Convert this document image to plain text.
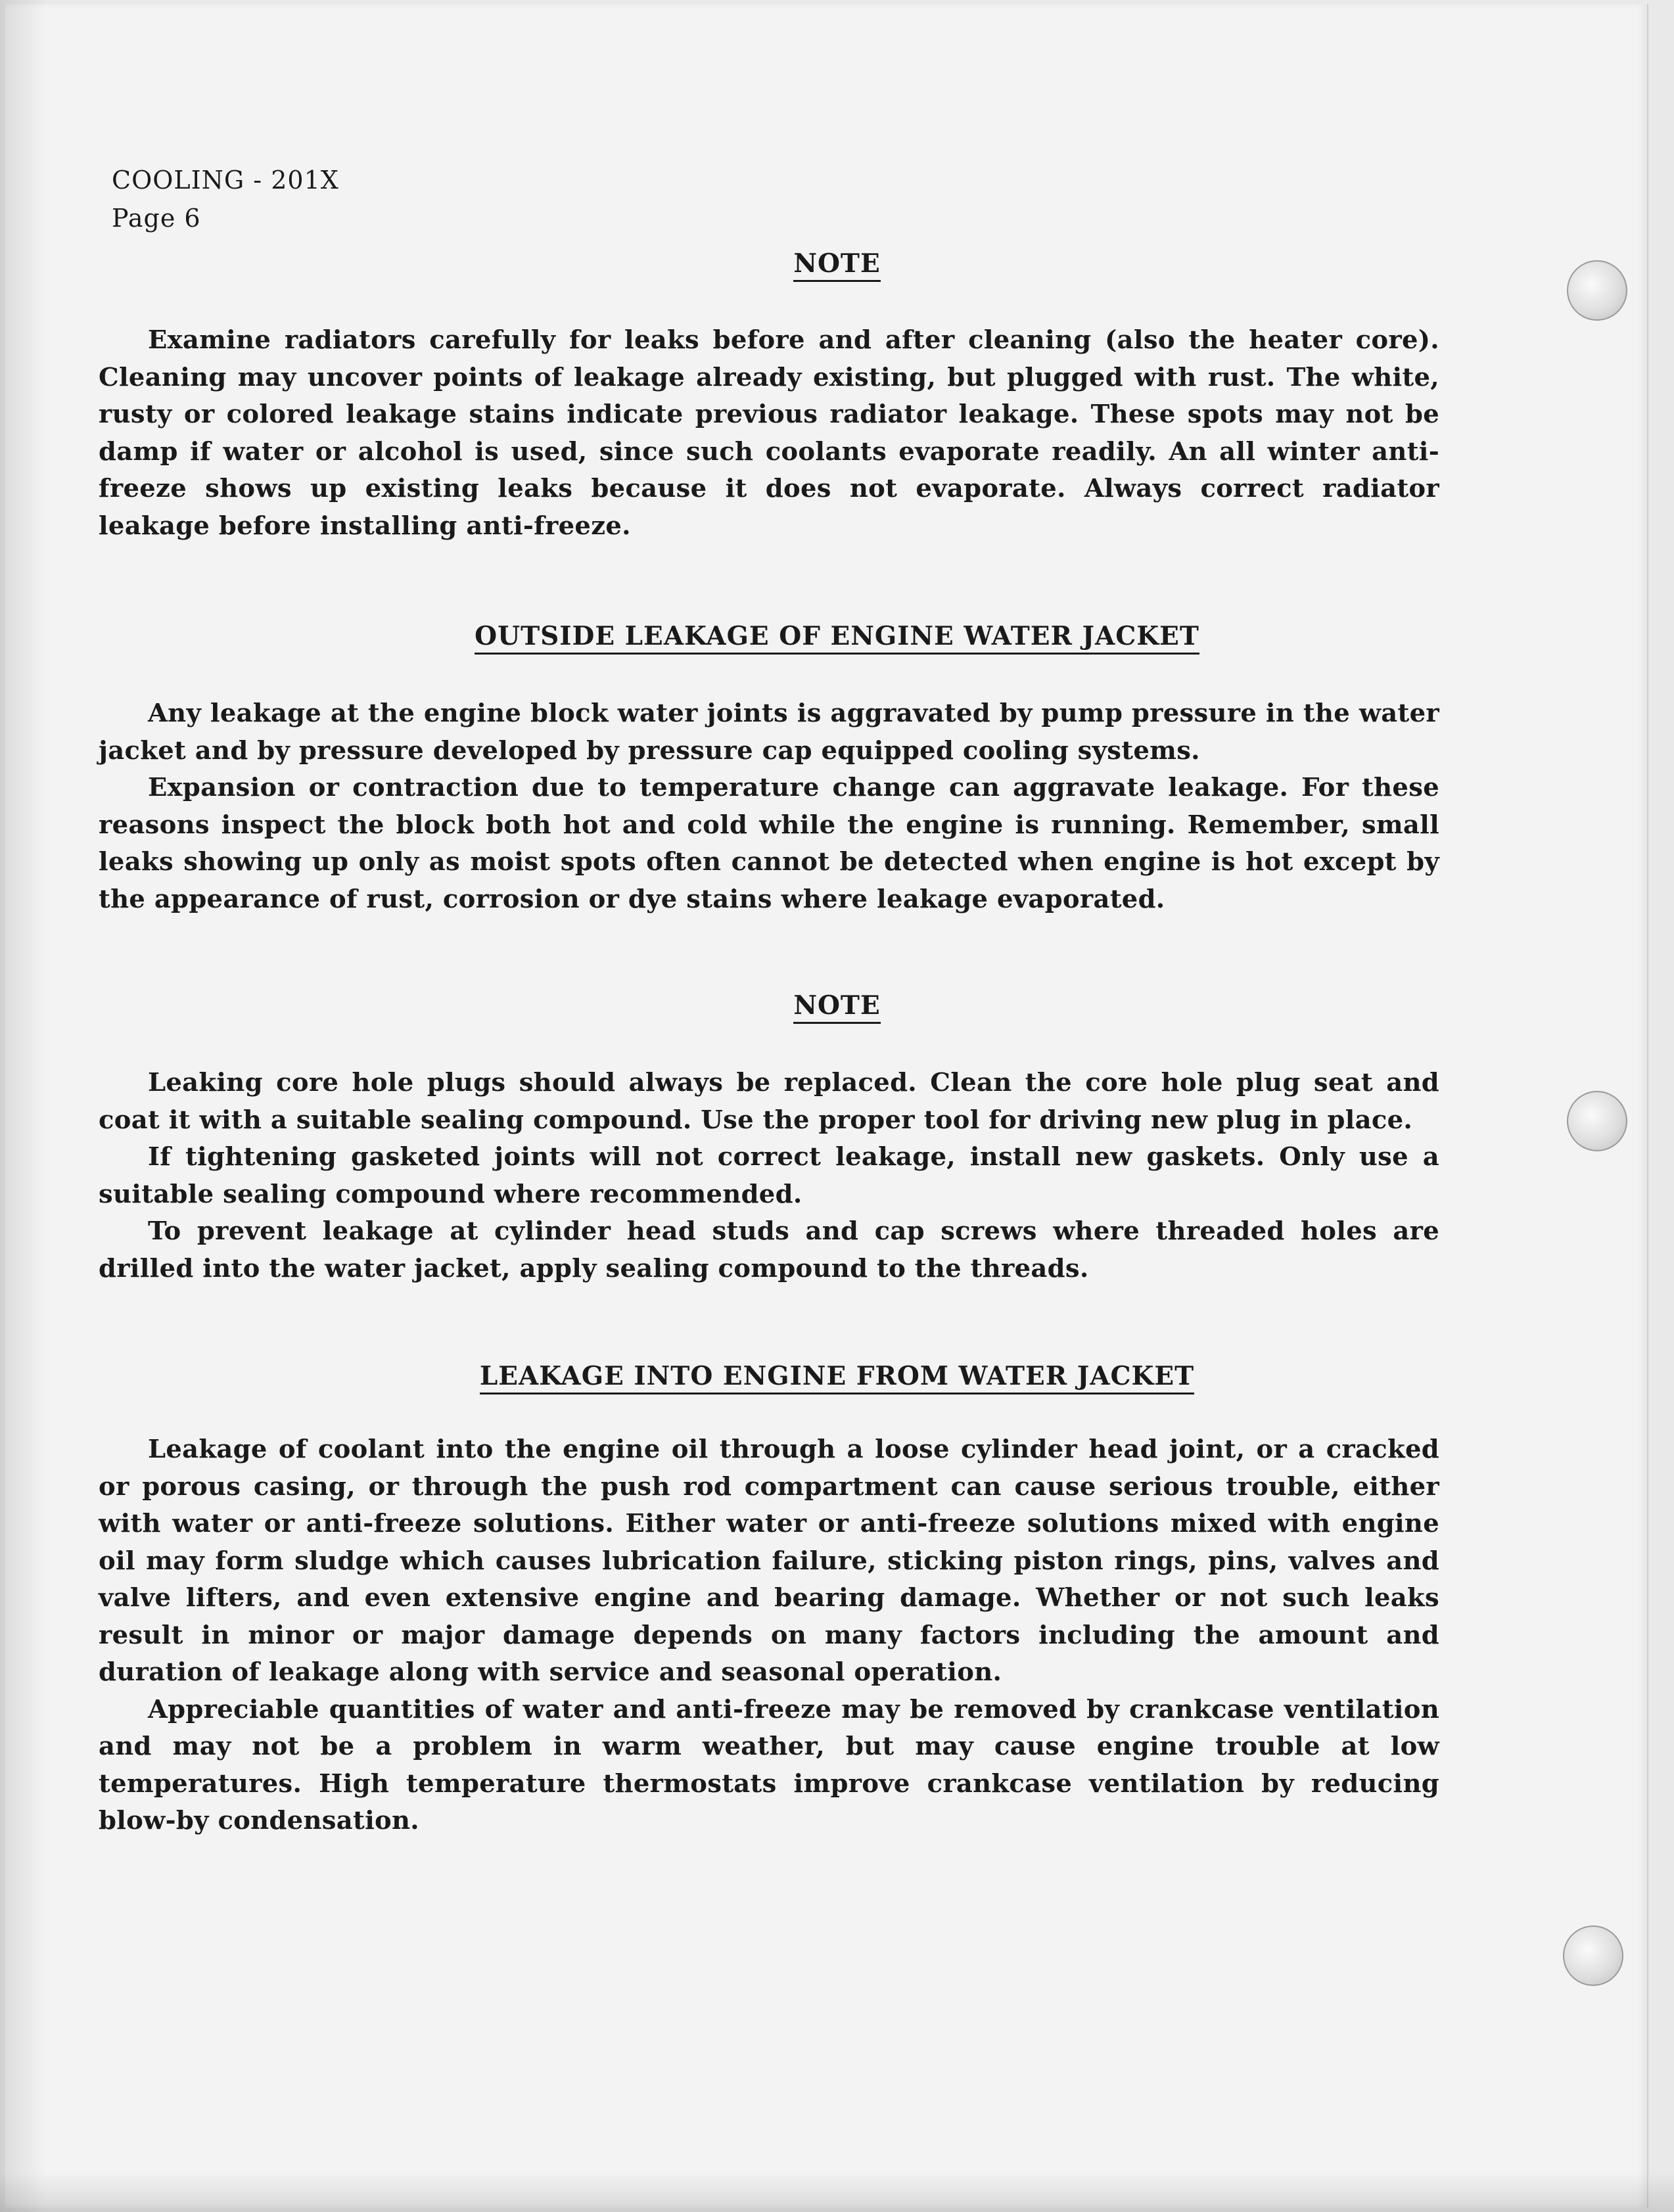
COOLING - 201X
Page 6
NOTE

Examine radiators carefully for leaks before and after cleaning (also the heater core). Cleaning may uncover points of leakage already existing, but plugged with rust. The white, rusty or colored leakage stains indicate previous radiator leakage. These spots may not be damp if water or alcohol is used, since such coolants evaporate readily. An all winter anti-freeze shows up existing leaks because it does not evaporate. Always correct radiator leakage before installing anti-freeze.

OUTSIDE LEAKAGE OF ENGINE WATER JACKET

Any leakage at the engine block water joints is aggravated by pump pressure in the water jacket and by pressure developed by pressure cap equipped cooling systems.

Expansion or contraction due to temperature change can aggravate leakage. For these reasons inspect the block both hot and cold while the engine is running. Remember, small leaks showing up only as moist spots often cannot be detected when engine is hot except by the appearance of rust, corrosion or dye stains where leakage evaporated.

NOTE

Leaking core hole plugs should always be replaced. Clean the core hole plug seat and coat it with a suitable sealing compound. Use the proper tool for driving new plug in place.

If tightening gasketed joints will not correct leakage, install new gaskets. Only use a suitable sealing compound where recommended.

To prevent leakage at cylinder head studs and cap screws where threaded holes are drilled into the water jacket, apply sealing compound to the threads.

LEAKAGE INTO ENGINE FROM WATER JACKET

Leakage of coolant into the engine oil through a loose cylinder head joint, or a cracked or porous casing, or through the push rod compartment can cause serious trouble, either with water or anti-freeze solutions. Either water or anti-freeze solutions mixed with engine oil may form sludge which causes lubrication failure, sticking piston rings, pins, valves and valve lifters, and even extensive engine and bearing damage. Whether or not such leaks result in minor or major damage depends on many factors including the amount and duration of leakage along with service and seasonal operation.

Appreciable quantities of water and anti-freeze may be removed by crankcase ventilation and may not be a problem in warm weather, but may cause engine trouble at low temperatures. High temperature thermostats improve crankcase ventilation by reducing blow-by condensation.
